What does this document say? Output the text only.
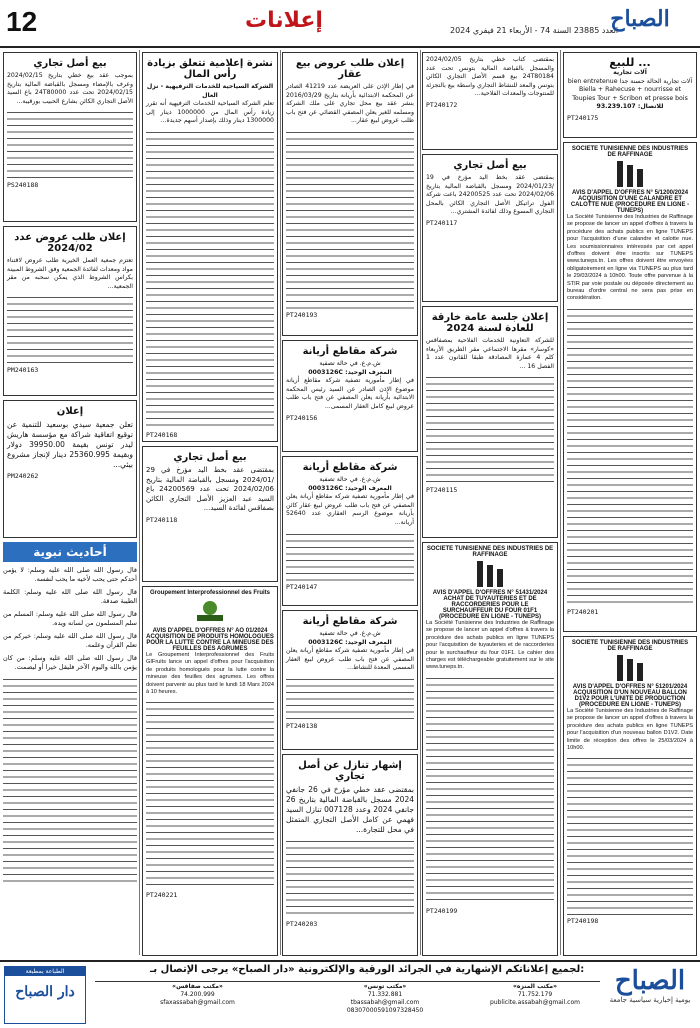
12	إعلانات	العدد 23885 السنة 74 - الأربعاء 21 فيفري 2024
الصباح
للبيع ...
آلات تجارية
آلات تجارية الحالة حسنة جدا bien entretenue Biella + Rahecuse + nourrisse et Toupies Tour + Scribon et presse bois
للاتصال: 93.239.107
PT240175
SOCIETE TUNISIENNE DES INDUSTRIES DE RAFFINAGE
AVIS D'APPEL D'OFFRES N° 5/1200/2024 ACQUISITION D'UNE CALANDRE ET CALOTTE NUE (PROCEDURE EN LIGNE - TUNEPS)
La Société Tunisienne des Industries de Raffinage se propose de lancer un appel d'offres à travers la procédure des achats publics en ligne TUNEPS pour l'acquisition d'une calandre et calotte nue. Les soumissionnaires intéressés par cet appel d'offres doivent être inscrits sur TUNEPS www.tuneps.tn. Les offres doivent être envoyées obligatoirement en ligne via TUNEPS au plus tard le 29/03/2024 à 10h00. Toute offre parvenue à la STIR par voie postale ou déposée directement au bureau d'ordre central ne sera pas prise en considération.
PT240201
SOCIETE TUNISIENNE DES INDUSTRIES DE RAFFINAGE
AVIS D'APPEL D'OFFRES N° 51201/2024 ACQUISITION D'UN NOUVEAU BALLON D1V2 POUR L'UNITE DE PRODUCTION (PROCEDURE EN LIGNE - TUNEPS)
La Société Tunisienne des Industries de Raffinage se propose de lancer un appel d'offres à travers la procédure des achats publics en ligne TUNEPS pour l'acquisition d'un nouveau ballon D1V2. Date limite de réception des offres le 25/03/2024 à 10h00.
PT240198
بمقتضى كتاب خطي بتاريخ 2024/02/05 والمسجل بالقباضة المالية بتونس تحت عدد 24T80184 بيع قسم الأصل التجاري الكائن بتونس والمعد للنشاط التجاري واسطة بيع بالتجزئة للمنتوجات والمعدات الفلاحية...
PT240172
بيع أصل تجاري
بمقتضى عقد بخط اليد مؤرخ في 19 /2024/01/23 ومسجل بالقباضة المالية بتاريخ 2024/02/06 تحت عدد 24200525 باعت شركة الفول تراتيكل الأصل التجاري الكائن بالمحل التجاري المسوغ وذلك لفائدة المشتري...
PT240117
إعلان جلسة عامة خارقة للعادة لسنة 2024
للشركة التعاونية للخدمات الفلاحية بمصفاقس «كوسار» مقرها الاجتماعي مقر الطريق الأربعاء كلم 4 عمارة المصادقة طبقا للقانون عدد 1 الفصل 16 ...
PT240115
SOCIETE TUNISIENNE DES INDUSTRIES DE RAFFINAGE
AVIS D'APPEL D'OFFRES N° 51431/2024 ACHAT DE TUYAUTERIES ET DE RACCORDERIES POUR LE SURCHAUFFEUR DU FOUR 01F1 (PROCEDURE EN LIGNE - TUNEPS)
La Société Tunisienne des Industries de Raffinage se propose de lancer un appel d'offres à travers la procédure des achats publics en ligne TUNEPS pour l'acquisition de tuyauteries et de raccorderies pour le surchauffeur du four 01F1. Le cahier des charges est téléchargeable gratuitement sur le site www.tuneps.tn.
PT240199
إعلان طلب عروض بيع عقار
في إطار الإذن على العريضة عدد 41219 الصادر عن المحكمة الابتدائية بأريانة بتاريخ 2016/03/29 بنشر عقد بيع محل تجاري على ملك الشركة ومسلمه للغير يعلن المصفي القضائي عن فتح باب طلب عروض لبيع عقار...
PT240193
شركة مقاطع أريانة
ش.م.ع. في حالة تصفية
المعرف الوحيد: 0003126C
في إطار مأمورية تصفية شركة مقاطع أريانة موضوع الإذن الصادر عن السيد رئيس المحكمة الابتدائية بأريانة يعلن المصفي عن فتح باب طلب عروض لبيع كامل العقار المسمى...
PT240156
شركة مقاطع أريانة
ش.م.ع. في حالة تصفية
المعرف الوحيد: 0003126C
في إطار مأمورية تصفية شركة مقاطع أريانة يعلن المصفي عن فتح باب طلب عروض لبيع عقار كائن بأريانة موضوع الرسم العقاري عدد 52640 أريانة...
PT240147
شركة مقاطع أريانة
ش.م.ع. في حالة تصفية
المعرف الوحيد: 0003126C
في إطار مأمورية تصفية شركة مقاطع أريانة يعلن المصفي عن فتح باب طلب عروض لبيع العقار المسمى المعدة للنشاط...
PT240138
إشهار تنازل عن أصل تجاري
بمقتضى عقد خطي مؤرخ في 26 جانفي 2024 مسجل بالقباضة المالية بتاريخ 26 جانفي 2024 وعدد 007128 تنازل السيد فهمي عن كامل الأصل التجاري المتمثل في محل للتجارة...
PT240203
نشرة إعلامية تتعلق بزيادة رأس المال
الشركة السياحية للخدمات الترفيهية - نزل العال
تعلم الشركة السياحية للخدمات الترفيهية أنه تقرر زيادة رأس المال من 1000000 دينار إلى 1300000 دينار وذلك بإصدار أسهم جديدة...
PT240168
بيع أصل تجاري
بمقتضى عقد بخط اليد مؤرخ في 29 /2024/01 ومسجل بالقباضة المالية بتاريخ 2024/02/06 تحت عدد 24200569 باع السيد عبد العزيز الأصل التجاري الكائن بصفاقس لفائدة السيد...
PT240118
Groupement Interprofessionnel des Fruits
AVIS D'APPEL D'OFFRES N° AO 01/2024 ACQUISITION DE PRODUITS HOMOLOGUES POUR LA LUTTE CONTRE LA MINEUSE DES FEUILLES DES AGRUMES
Le Groupement Interprofessionnel des Fruits GIFruits lance un appel d'offres pour l'acquisition de produits homologués pour la lutte contre la mineuse des feuilles des agrumes. Les offres doivent parvenir au plus tard le lundi 18 Mars 2024 à 10 heures.
PT240221
بيع أصل تجاري
بموجب عقد بيع خطي بتاريخ 2024/02/15 وعرف بالإمضاء ومسجل بالقباضة المالية بتاريخ 2024/02/15 تحت عدد 24T80000 باع السيد الأصل التجاري الكائن بشارع الحبيب بورقيبة...
PS240188
إعلان طلب عروض عدد 2024/02
تعتزم جمعية العمل الخيرية طلب عروض لاقتناء مواد ومعدات لفائدة الجمعية وفق الشروط المبينة بكراس الشروط الذي يمكن سحبه من مقر الجمعية...
PM240163
إعلان
تعلن جمعية سيدي بوسعيد للتنمية عن توقيع اتفاقية شراكة مع مؤسسة هاريش ليدر تونس بقيمة 39950.00 دولار وبقيمة 25360.995 دينار لإنجاز مشروع بيئي...
PM240262
أحاديث نبوية
قال رسول الله صلى الله عليه وسلم: لا يؤمن أحدكم حتى يحب لأخيه ما يحب لنفسه.
قال رسول الله صلى الله عليه وسلم: الكلمة الطيبة صدقة.
قال رسول الله صلى الله عليه وسلم: المسلم من سلم المسلمون من لسانه ويده.
قال رسول الله صلى الله عليه وسلم: خيركم من تعلم القرآن وعلمه.
قال رسول الله صلى الله عليه وسلم: من كان يؤمن بالله واليوم الآخر فليقل خيرا أو ليصمت.
لجميع إعلاناتكم الإشهارية في الجرائد الورقية والإلكترونية «دار الصباح» يرجى الإتصال بـ:
«مكتب المنزه»
71.752.179
publicite.assabah@gmail.com
«مكتب تونس»
71.332.881
tbassabah@gmail.com
08307000591097328450
«مكتب صفاقس»
74.200.999
sfaxassabah@gmail.com
الصباح
يومية إخبارية سياسية جامعة
الطباعة بمطبعة
دار الصباح
